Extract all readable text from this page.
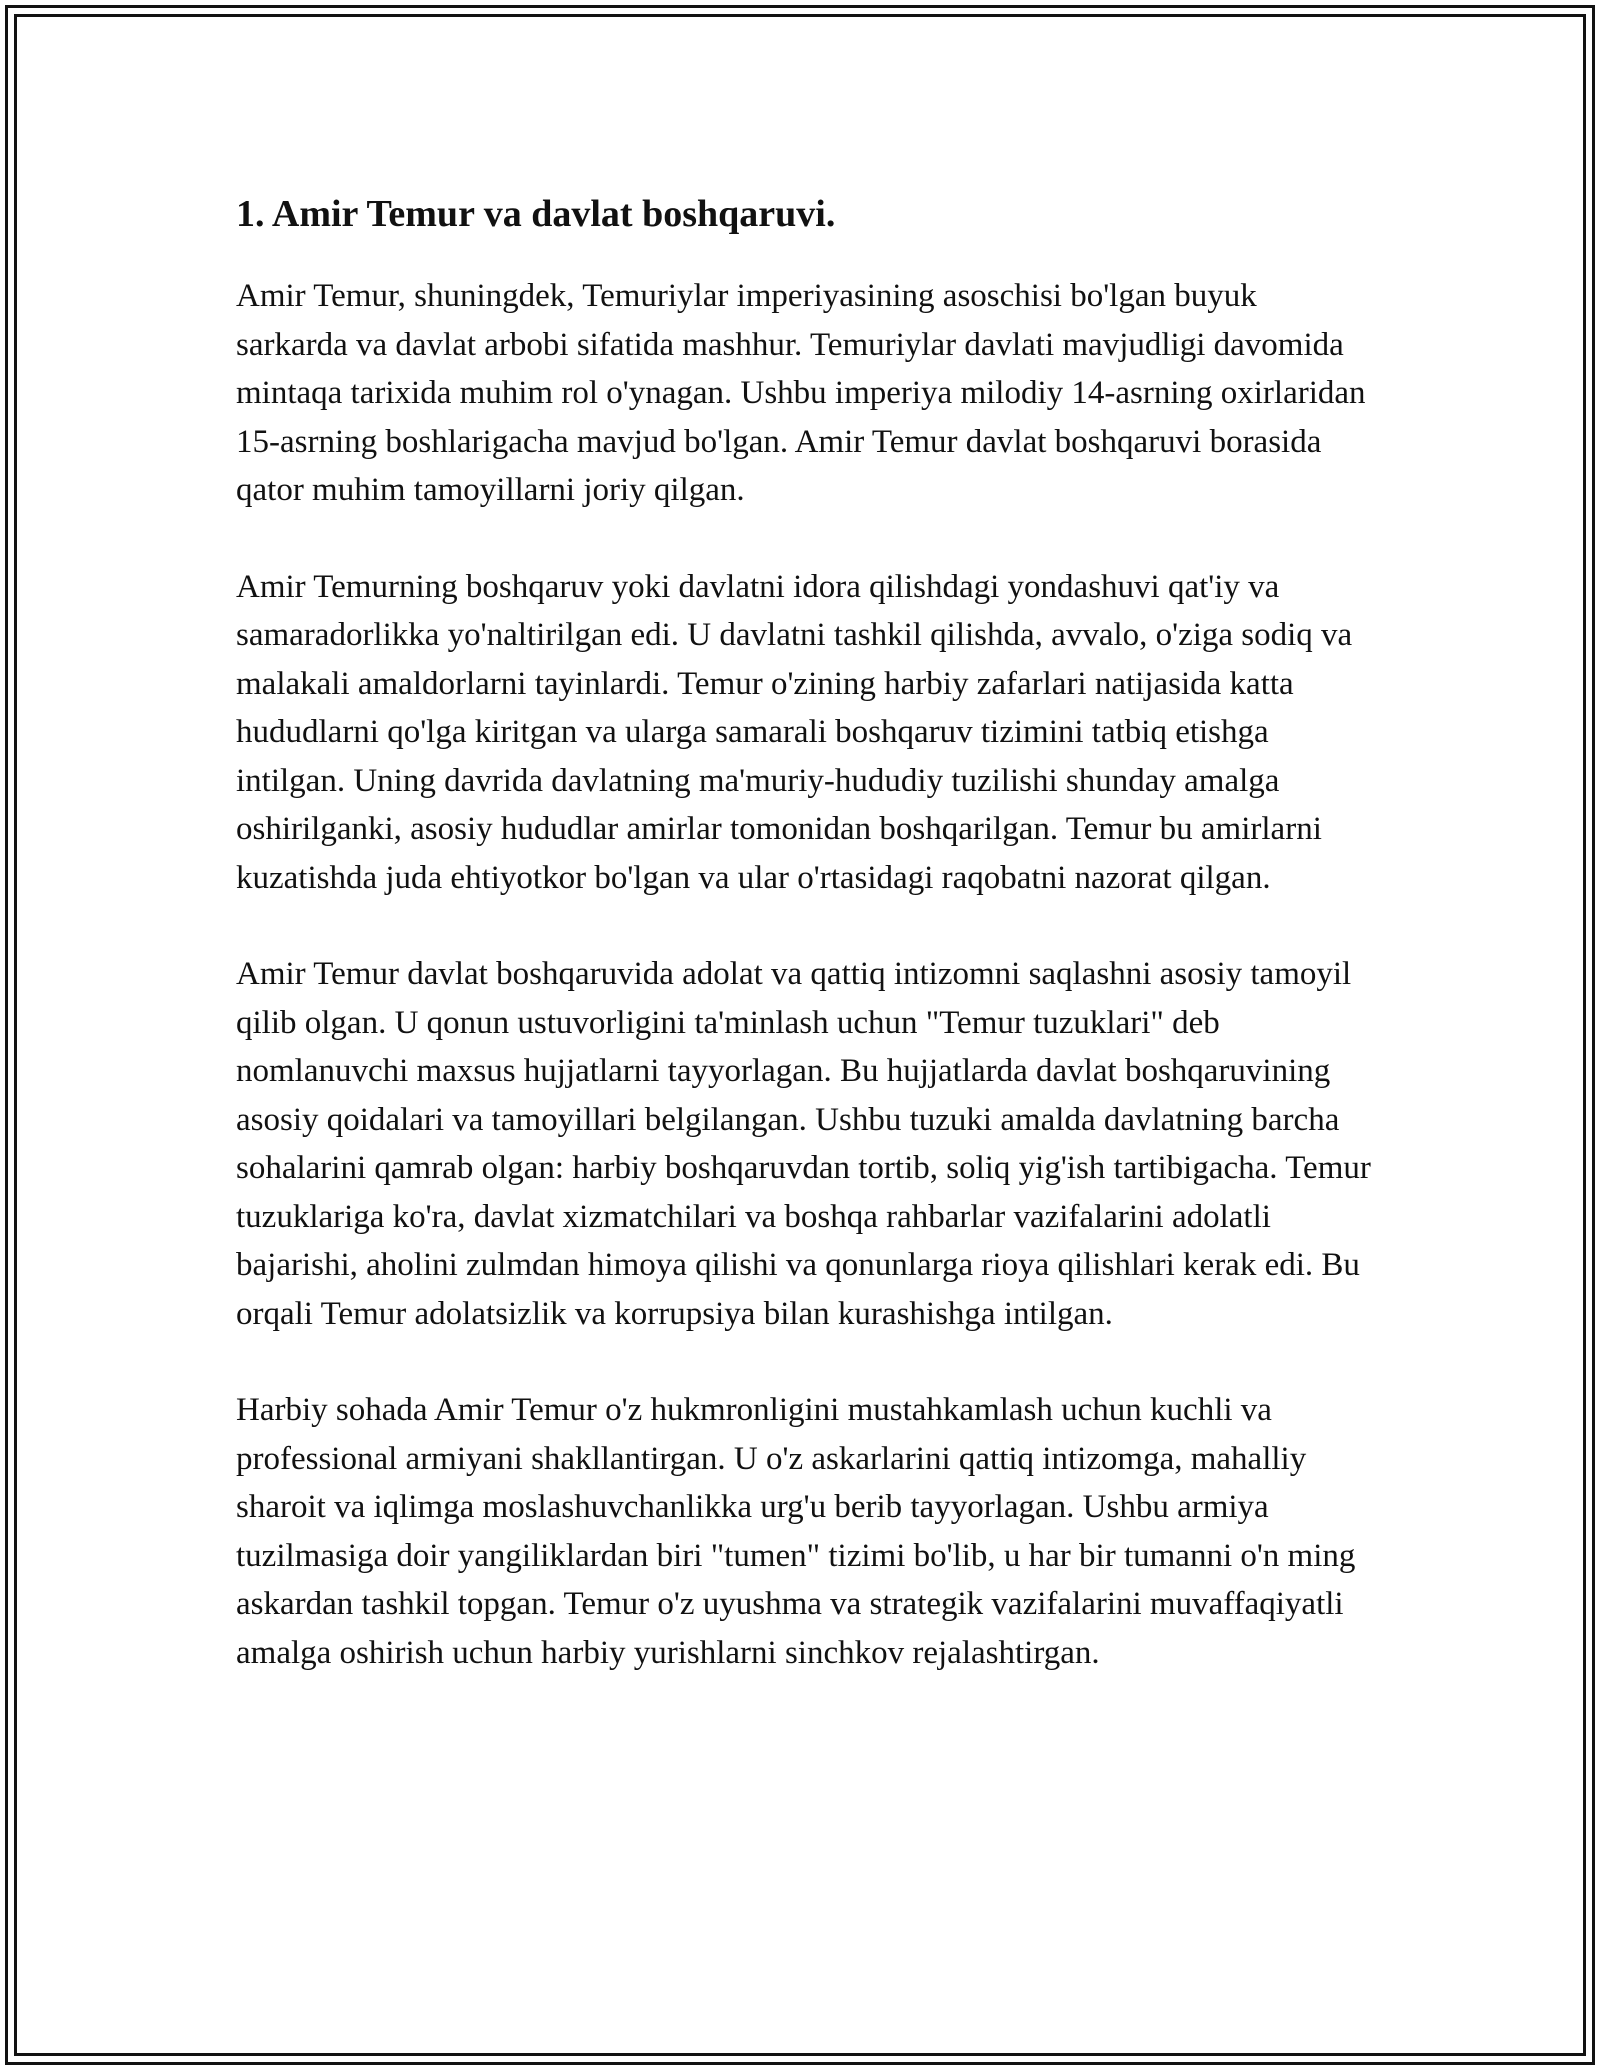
1. Amir Temur va davlat boshqaruvi.

Amir Temur, shuningdek, Temuriylar imperiyasining asoschisi bo'lgan buyuk sarkarda va davlat arbobi sifatida mashhur. Temuriylar davlati mavjudligi davomida mintaqa tarixida muhim rol o'ynagan. Ushbu imperiya milodiy 14-asrning oxirlaridan 15-asrning boshlarigacha mavjud bo'lgan. Amir Temur davlat boshqaruvi borasida qator muhim tamoyillarni joriy qilgan.

Amir Temurning boshqaruv yoki davlatni idora qilishdagi yondashuvi qat'iy va samaradorlikka yo'naltirilgan edi. U davlatni tashkil qilishda, avvalo, o'ziga sodiq va malakali amaldorlarni tayinlardi. Temur o'zining harbiy zafarlari natijasida katta hududlarni qo'lga kiritgan va ularga samarali boshqaruv tizimini tatbiq etishga intilgan. Uning davrida davlatning ma'muriy-hududiy tuzilishi shunday amalga oshirilganki, asosiy hududlar amirlar tomonidan boshqarilgan. Temur bu amirlarni kuzatishda juda ehtiyotkor bo'lgan va ular o'rtasidagi raqobatni nazorat qilgan.

Amir Temur davlat boshqaruvida adolat va qattiq intizomni saqlashni asosiy tamoyil qilib olgan. U qonun ustuvorligini ta'minlash uchun "Temur tuzuklari" deb nomlanuvchi maxsus hujjatlarni tayyorlagan. Bu hujjatlarda davlat boshqaruvining asosiy qoidalari va tamoyillari belgilangan. Ushbu tuzuki amalda davlatning barcha sohalarini qamrab olgan: harbiy boshqaruvdan tortib, soliq yig'ish tartibigacha. Temur tuzuklariga ko'ra, davlat xizmatchilari va boshqa rahbarlar vazifalarini adolatli bajarishi, aholini zulmdan himoya qilishi va qonunlarga rioya qilishlari kerak edi. Bu orqali Temur adolatsizlik va korrupsiya bilan kurashishga intilgan.

Harbiy sohada Amir Temur o'z hukmronligini mustahkamlash uchun kuchli va professional armiyani shakllantirgan. U o'z askarlarini qattiq intizomga, mahalliy sharoit va iqlimga moslashuvchanlikka urg'u berib tayyorlagan. Ushbu armiya tuzilmasiga doir yangiliklardan biri "tumen" tizimi bo'lib, u har bir tumanni o'n ming askardan tashkil topgan. Temur o'z uyushma va strategik vazifalarini muvaffaqiyatli amalga oshirish uchun harbiy yurishlarni sinchkov rejalashtirgan.
